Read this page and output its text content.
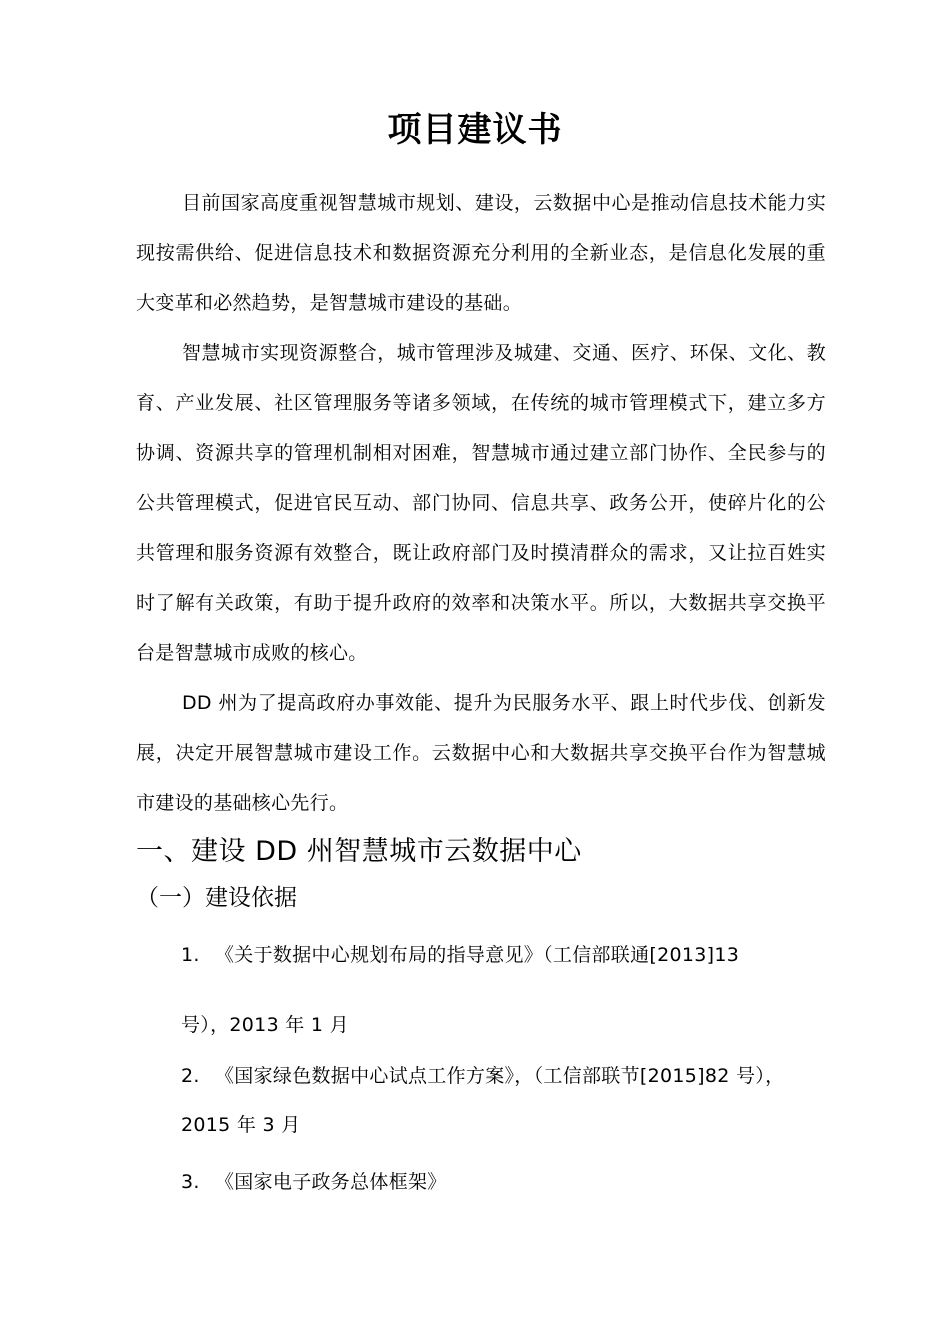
项目建议书

目前国家高度重视智慧城市规划、建设，云数据中心是推动信息技术能力实现按需供给、促进信息技术和数据资源充分利用的全新业态，是信息化发展的重大变革和必然趋势，是智慧城市建设的基础。

智慧城市实现资源整合，城市管理涉及城建、交通、医疗、环保、文化、教育、产业发展、社区管理服务等诸多领域，在传统的城市管理模式下，建立多方协调、资源共享的管理机制相对困难，智慧城市通过建立部门协作、全民参与的公共管理模式，促进官民互动、部门协同、信息共享、政务公开，使碎片化的公共管理和服务资源有效整合，既让政府部门及时摸清群众的需求，又让拉百姓实时了解有关政策，有助于提升政府的效率和决策水平。所以，大数据共享交换平台是智慧城市成败的核心。

DD 州为了提高政府办事效能、提升为民服务水平、跟上时代步伐、创新发展，决定开展智慧城市建设工作。云数据中心和大数据共享交换平台作为智慧城市建设的基础核心先行。

一、建设 DD 州智慧城市云数据中心
（一）建设依据
1. 《关于数据中心规划布局的指导意见》（工信部联通[2013]13
号），2013 年 1 月
2. 《国家绿色数据中心试点工作方案》，（工信部联节[2015]82 号），
2015 年 3 月
3. 《国家电子政务总体框架》
